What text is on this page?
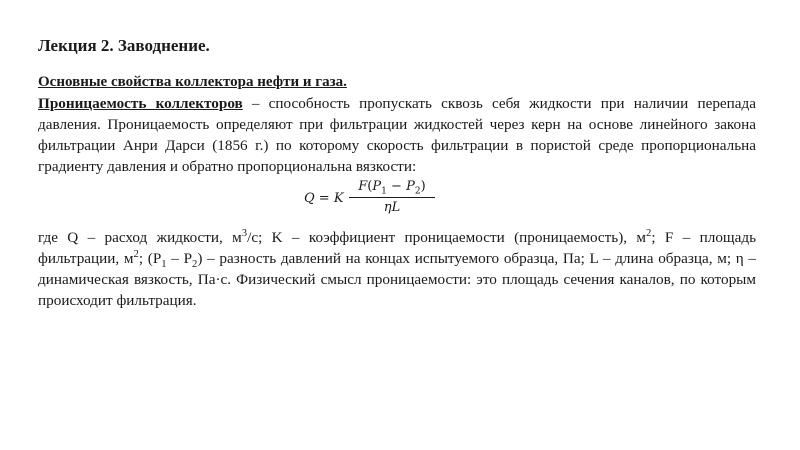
Лекция 2. Заводнение.
Основные свойства коллектора нефти и газа.
Проницаемость коллекторов – способность пропускать сквозь себя жидкости при наличии перепада давления. Проницаемость определяют при фильтрации жидкостей через керн на основе линейного закона фильтрации Анри Дарси (1856 г.) по которому скорость фильтрации в пористой среде пропорциональна градиенту давления и обратно пропорциональна вязкости:
Q = K
$F(P_1 - P_2)$
ηL
где Q – расход жидкости, $м^3/с$; K – коэффициент проницаемости (проницаемость), $м^2$; F – площадь фильтрации, $м^2$; $(P_1 - P_2)$ – разность давлений на концах испытуемого образца, Па; L – длина образца, м; η – динамическая вязкость, Па·с. Физический смысл проницаемости: это площадь сечения каналов, по которым происходит фильтрация.
